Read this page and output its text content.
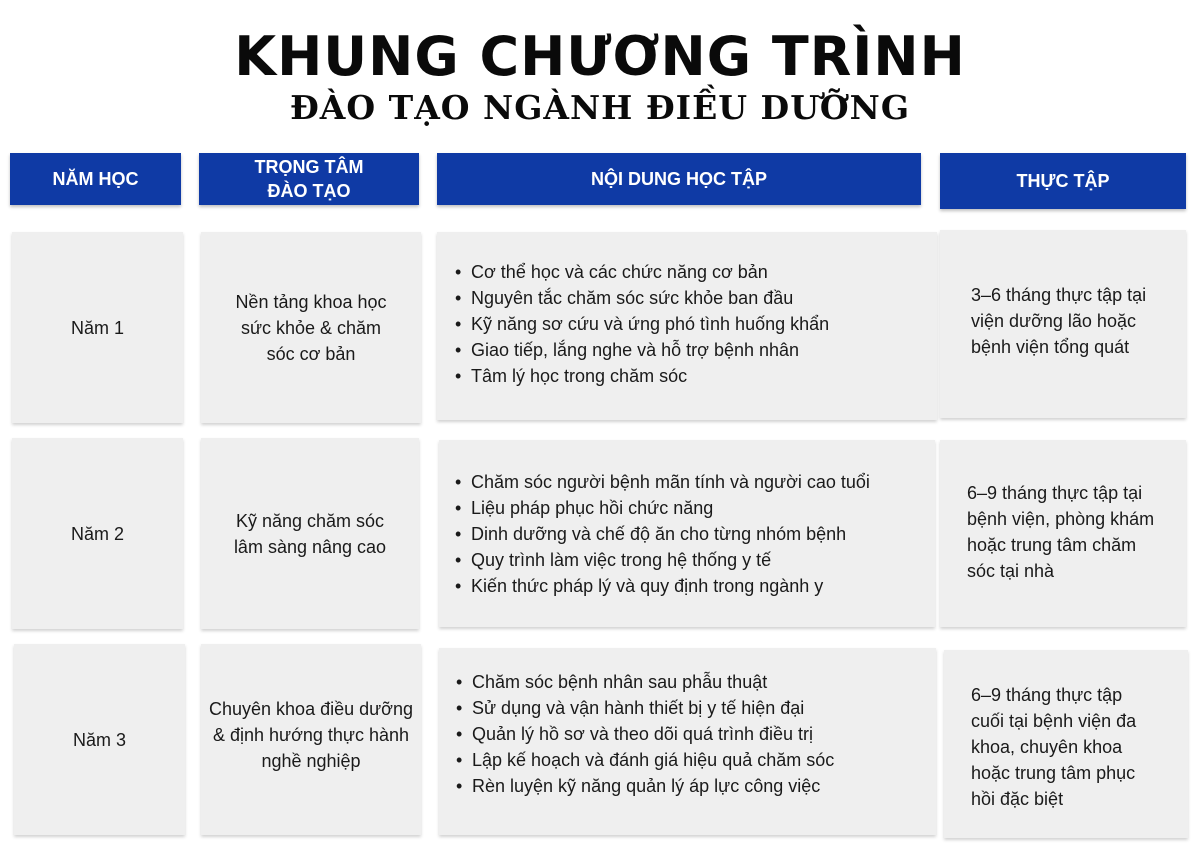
KHUNG CHƯƠNG TRÌNH
ĐÀO TẠO NGÀNH ĐIỀU DƯỠNG
NĂM HỌC
TRỌNG TÂM
ĐÀO TẠO
NỘI DUNG HỌC TẬP	THỰC TẬP
Năm 1
Nền tảng khoa học
sức khỏe & chăm
sóc cơ bản
• Cơ thể học và các chức năng cơ bản
• Nguyên tắc chăm sóc sức khỏe ban đầu
• Kỹ năng sơ cứu và ứng phó tình huống khẩn
• Giao tiếp, lắng nghe và hỗ trợ bệnh nhân
• Tâm lý học trong chăm sóc
3–6 tháng thực tập tại
viện dưỡng lão hoặc
bệnh viện tổng quát
Năm 2
Kỹ năng chăm sóc
lâm sàng nâng cao
• Chăm sóc người bệnh mãn tính và người cao tuổi
• Liệu pháp phục hồi chức năng
• Dinh dưỡng và chế độ ăn cho từng nhóm bệnh
• Quy trình làm việc trong hệ thống y tế
• Kiến thức pháp lý và quy định trong ngành y
6–9 tháng thực tập tại
bệnh viện, phòng khám
hoặc trung tâm chăm
sóc tại nhà
Năm 3
Chuyên khoa điều dưỡng
& định hướng thực hành
nghề nghiệp
• Chăm sóc bệnh nhân sau phẫu thuật
• Sử dụng và vận hành thiết bị y tế hiện đại
• Quản lý hồ sơ và theo dõi quá trình điều trị
• Lập kế hoạch và đánh giá hiệu quả chăm sóc
• Rèn luyện kỹ năng quản lý áp lực công việc
6–9 tháng thực tập
cuối tại bệnh viện đa
khoa, chuyên khoa
hoặc trung tâm phục
hồi đặc biệt
